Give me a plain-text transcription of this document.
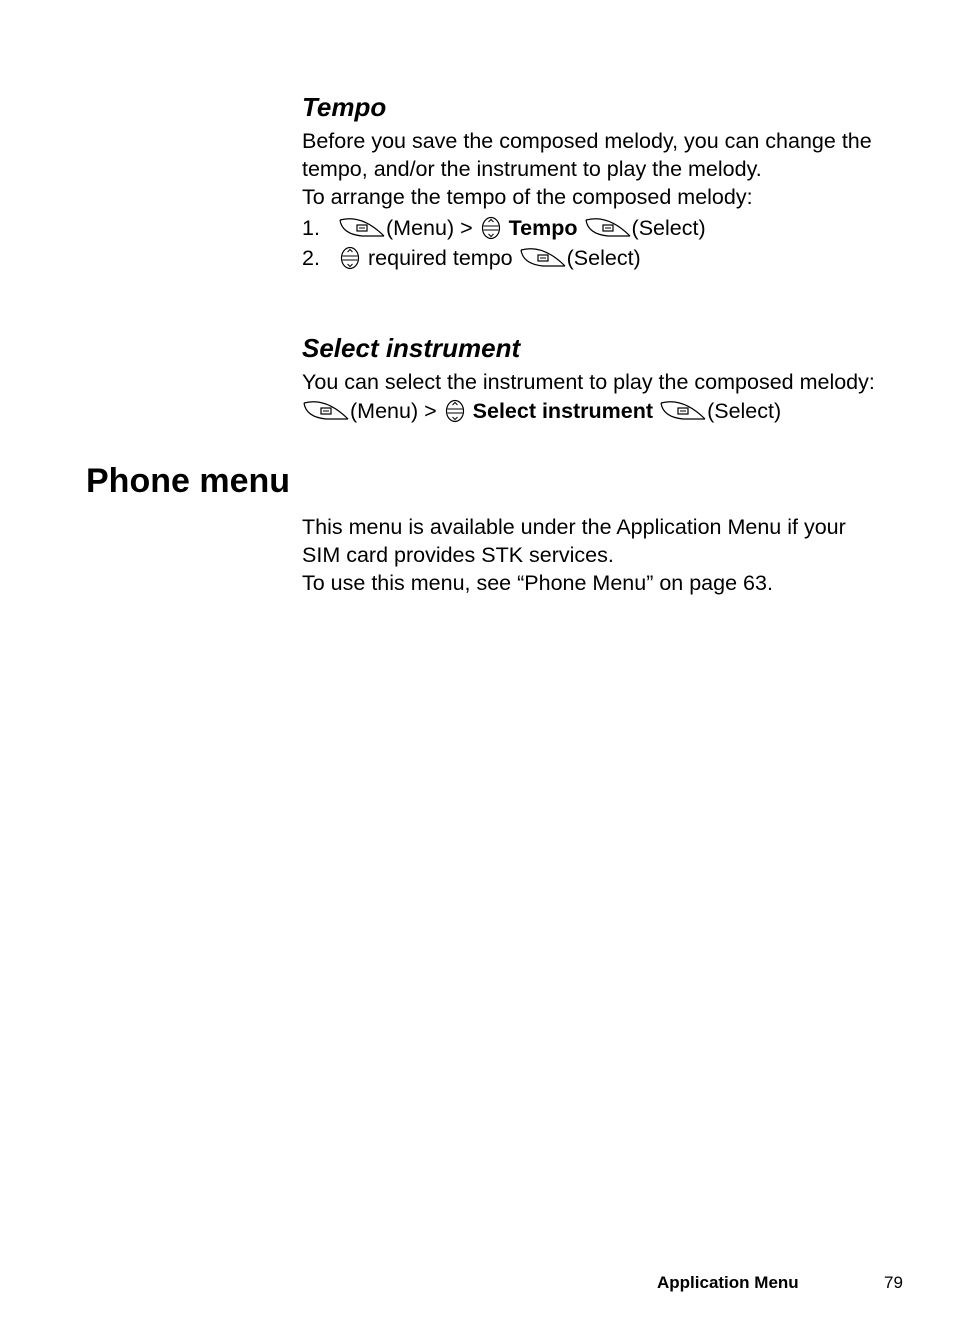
Tempo

Before you save the composed melody, you can change the

tempo, and/or the instrument to play the melody.

To arrange the tempo of the composed melody:

1.	(Menu) > Tempo	(Select)
2.	required tempo	(Select)
Select instrument

You can select the instrument to play the composed melody:

(Menu) > Select instrument	(Select)
Phone menu

This menu is available under the Application Menu if your

SIM card provides STK services.

To use this menu, see “Phone Menu” on page 63.

Application Menu	79
